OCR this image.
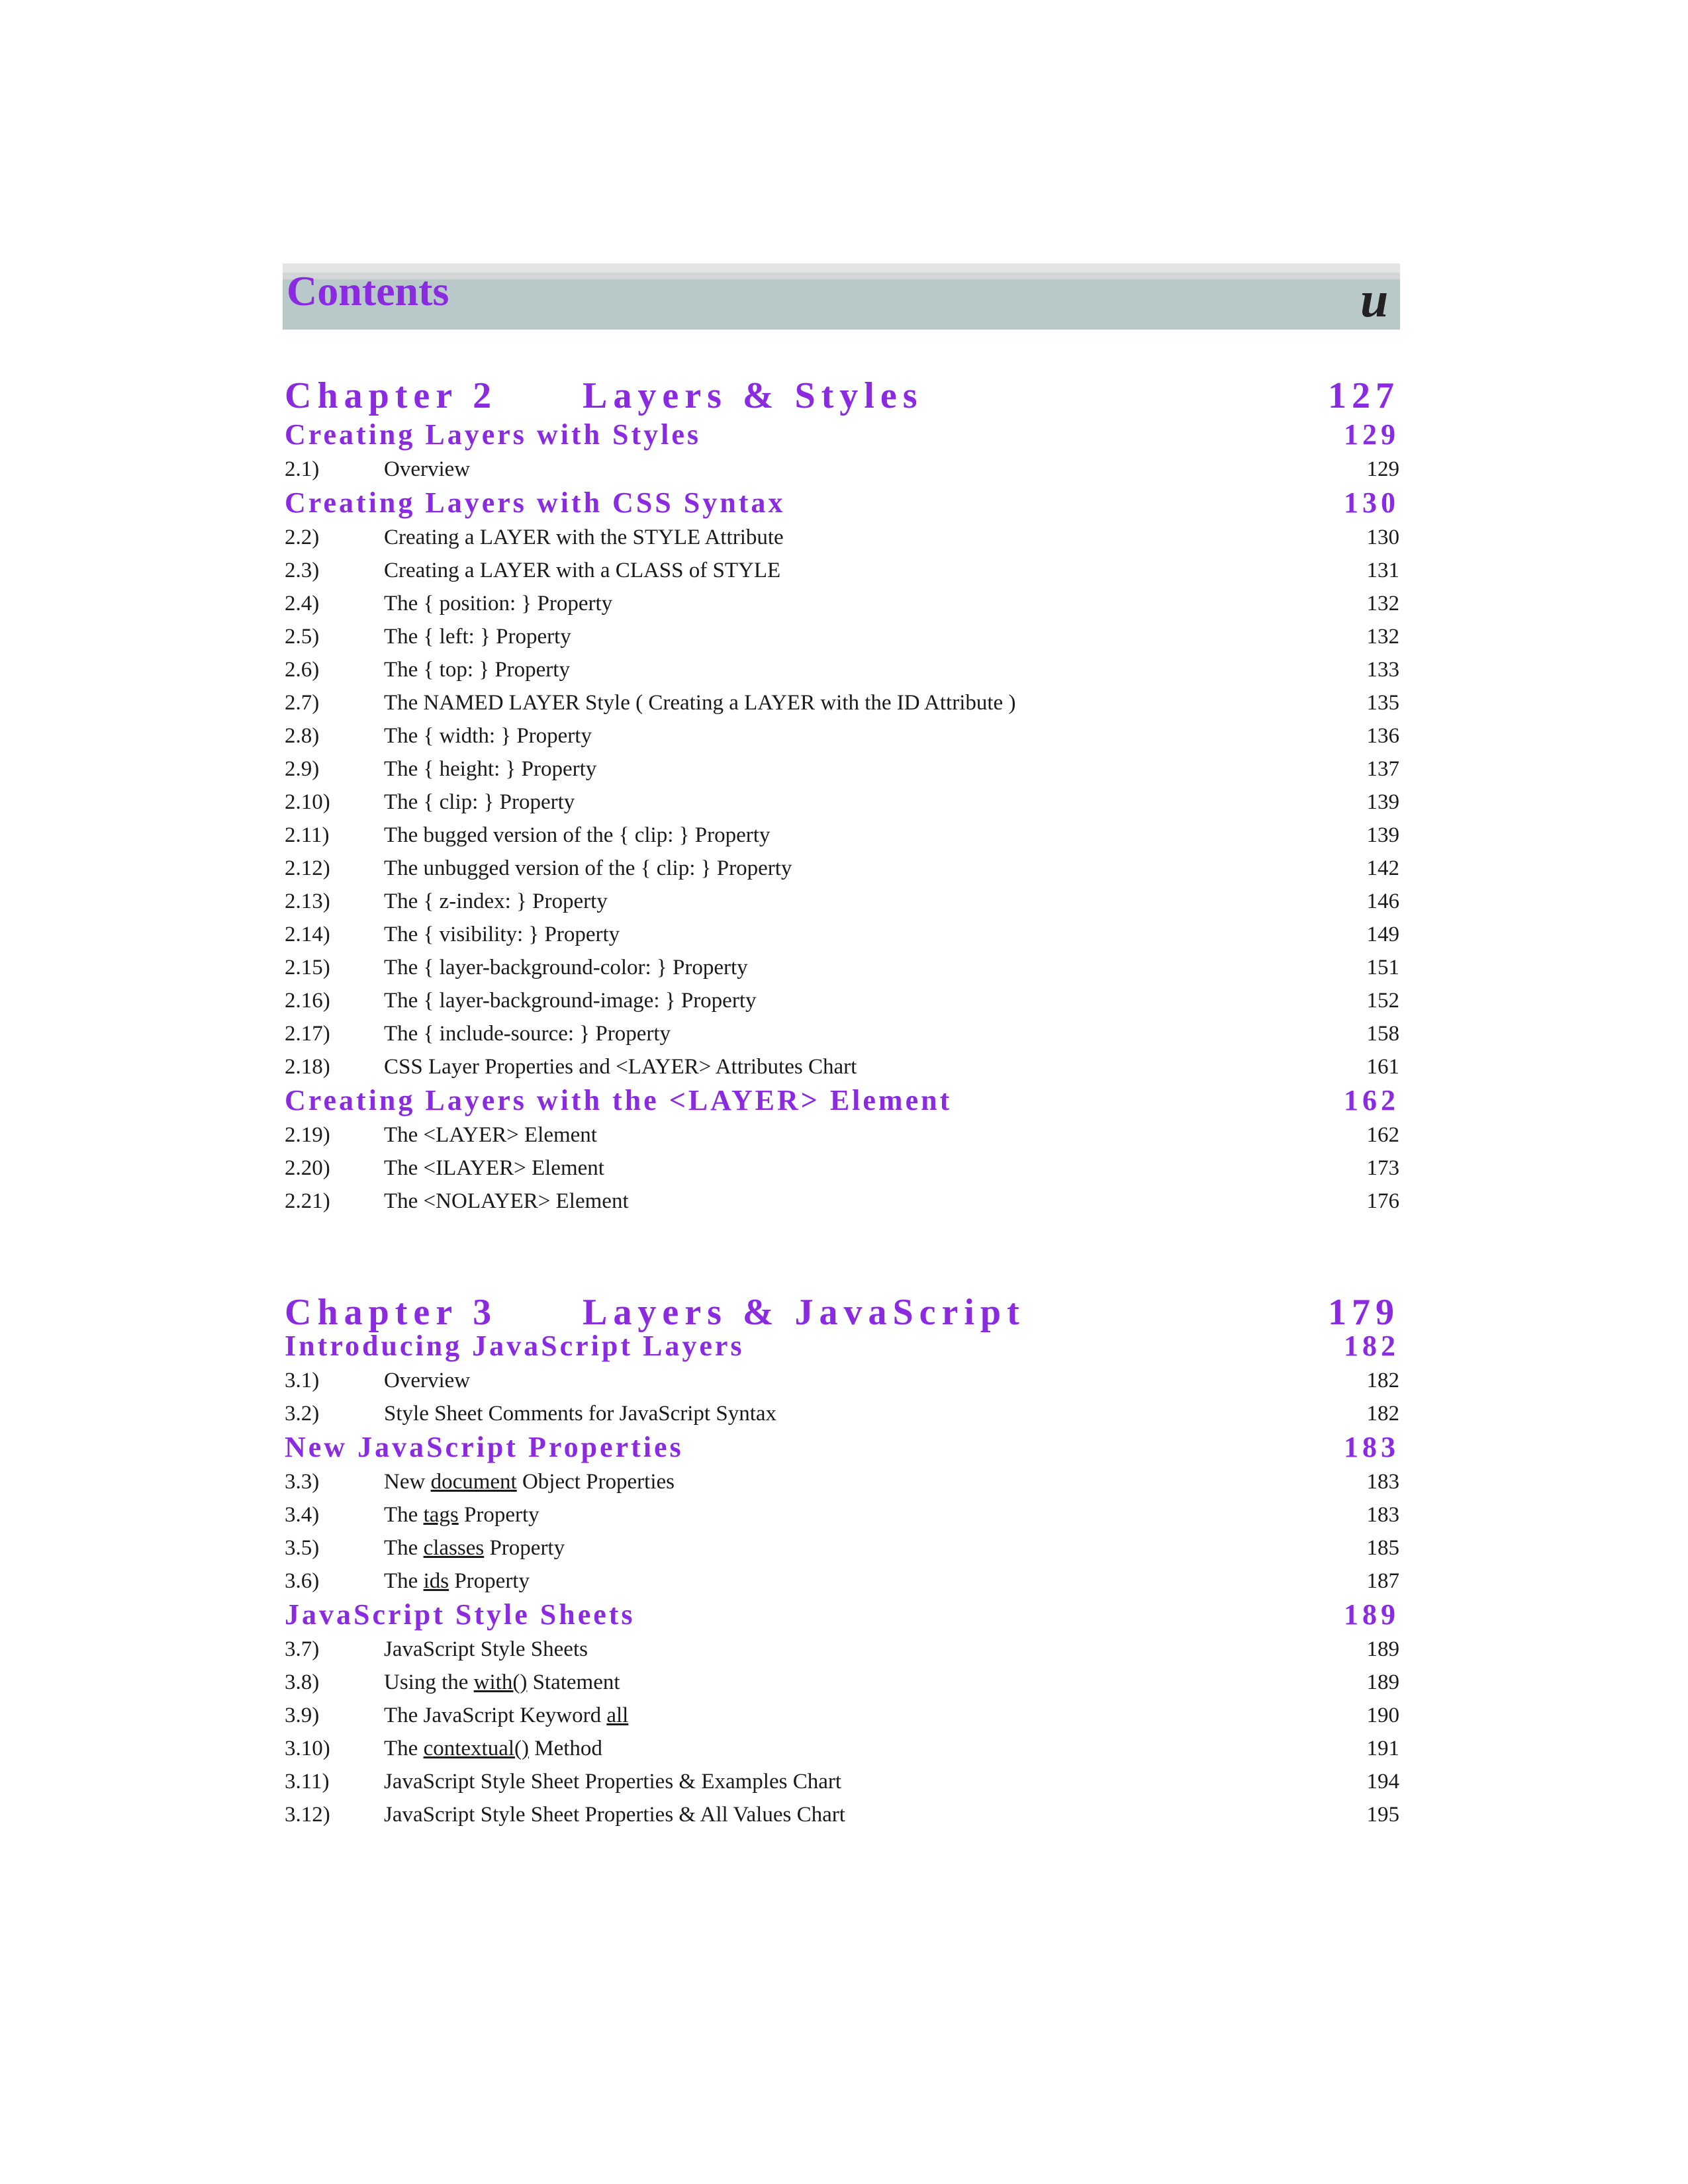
Contents	u
Chapter 2 Layers & Styles	127
Creating Layers with Styles	129
2.1)	Overview	129
Creating Layers with CSS Syntax	130
2.2)	Creating a LAYER with the STYLE Attribute	130
2.3)	Creating a LAYER with a CLASS of STYLE	131
2.4)	The { position: } Property	132
2.5)	The { left: } Property	132
2.6)	The { top: } Property	133
2.7)	The NAMED LAYER Style ( Creating a LAYER with the ID Attribute )	135
2.8)	The { width: } Property	136
2.9)	The { height: } Property	137
2.10) The { clip: } Property	139
2.11) The bugged version of the { clip: } Property	139
2.12) The unbugged version of the { clip: } Property	142
2.13) The { z-index: } Property	146
2.14) The { visibility: } Property	149
2.15) The { layer-background-color: } Property	151
2.16) The { layer-background-image: } Property	152
2.17) The { include-source: } Property	158
2.18) CSS Layer Properties and <LAYER> Attributes Chart	161
Creating Layers with the <LAYER> Element	162
2.19) The <LAYER> Element	162
2.20) The <ILAYER> Element	173
2.21) The <NOLAYER> Element	176
Chapter 3 Layers & JavaScript	179
Introducing JavaScript Layers	182
3.1)	Overview	182
3.2)	Style Sheet Comments for JavaScript Syntax	182
New JavaScript Properties	183
3.3)	New document Object Properties	183
3.4)	The tags Property	183
3.5)	The classes Property	185
3.6)	The ids Property	187
JavaScript Style Sheets	189
3.7)	JavaScript Style Sheets	189
3.8)	Using the with() Statement	189
3.9)	The JavaScript Keyword all	190
3.10) The contextual() Method	191
3.11) JavaScript Style Sheet Properties & Examples Chart	194
3.12) JavaScript Style Sheet Properties & All Values Chart	195
